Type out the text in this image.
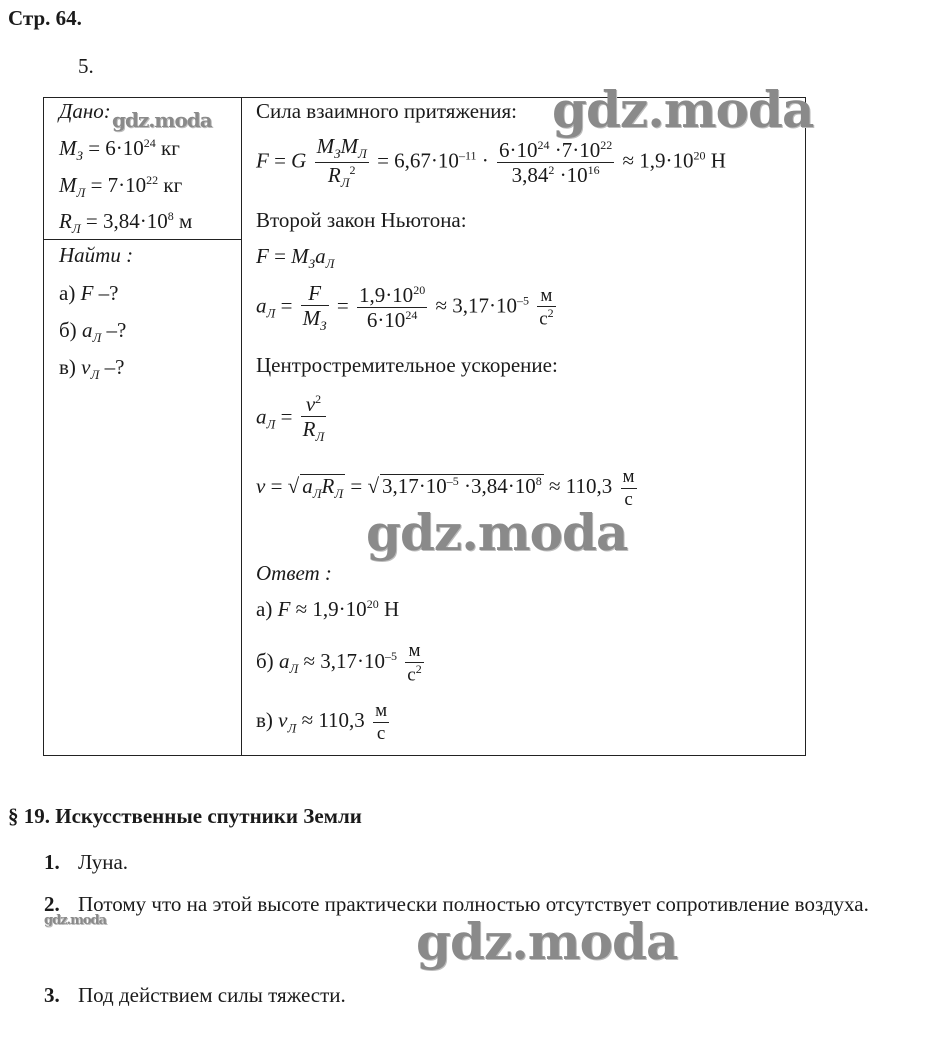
Стр. 64.
5.
Дано:
$M_З = 6\cdot 10^{24}$ кг
$M_Л = 7\cdot 10^{22}$ кг
$R_Л = 3,84\cdot 10^8$ м
Найти :
а) F –?
б) $a_Л$ –?
в) $v_Л$ –?
Сила взаимного притяжения:
F = G $\frac{M_ЗM_Л}{R_Л^2} = 6,67\cdot 10^{-11} \cdot \frac{6\cdot 10^{24} \cdot 7\cdot 10^{22}}{3,84^2 \cdot 10^{16}} \approx 1,9\cdot 10^{20}$ Н
Второй закон Ньютона:
$F = M_Зa_Л$
$a_Л = \frac{F}{M_З} = \frac{1,9\cdot 10^{20}}{6\cdot 10^{24}} \approx 3,17\cdot 10^{-5} \frac{м}{с^2}$
Центростремительное ускорение:
$a_Л = \frac{v^2}{R_Л}$
v = √ $a_ЛR_Л$ = √ $3,17\cdot 10^{-5} \cdot 3,84\cdot 10^8 \approx 110,3 \frac{м}{с}$
Ответ :
а) $F \approx 1,9\cdot 10^{20}$ Н
б) $a_Л \approx 3,17\cdot 10^{-5} \frac{м}{с^2}$
в) $v_Л \approx 110,3 \frac{м}{с}$
§ 19. Искусственные спутники Земли
1. Луна.
2. Потому что на этой высоте практически полностью отсутствует сопротивление воздуха.
3. Под действием силы тяжести.
gdz.moda	gdz.moda
gdz.moda
gdz.moda
gdz.moda
